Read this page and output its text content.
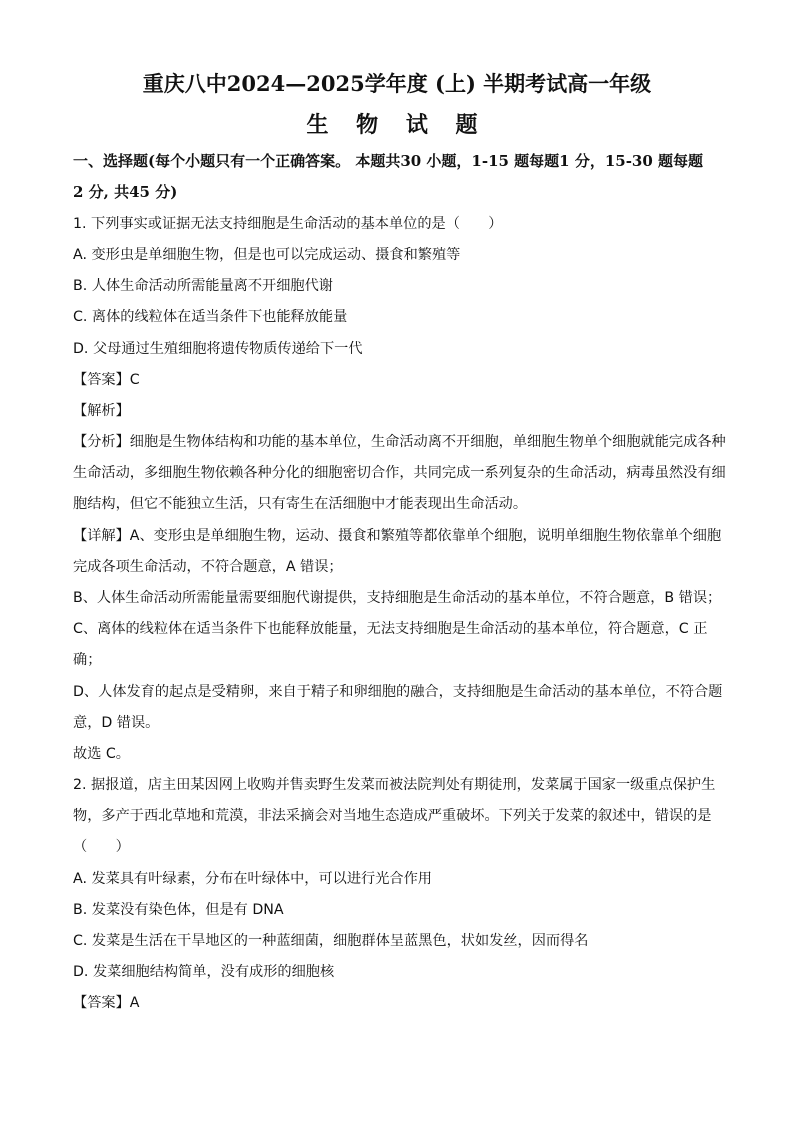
重庆八中2024—2025学年度 (上) 半期考试高一年级
生 物 试 题
一、选择题(每个小题只有一个正确答案。 本题共30 小题，1-15 题每题1 分，15-30 题每题
2 分, 共45 分)
1. 下列事实或证据无法支持细胞是生命活动的基本单位的是（　　）
A. 变形虫是单细胞生物，但是也可以完成运动、摄食和繁殖等
B. 人体生命活动所需能量离不开细胞代谢
C. 离体的线粒体在适当条件下也能释放能量
D. 父母通过生殖细胞将遗传物质传递给下一代
【答案】C
【解析】
【分析】细胞是生物体结构和功能的基本单位，生命活动离不开细胞，单细胞生物单个细胞就能完成各种
生命活动，多细胞生物依赖各种分化的细胞密切合作，共同完成一系列复杂的生命活动，病毒虽然没有细
胞结构，但它不能独立生活，只有寄生在活细胞中才能表现出生命活动。
【详解】A、变形虫是单细胞生物，运动、摄食和繁殖等都依靠单个细胞，说明单细胞生物依靠单个细胞
完成各项生命活动，不符合题意，A 错误；
B、人体生命活动所需能量需要细胞代谢提供，支持细胞是生命活动的基本单位，不符合题意，B 错误；
C、离体的线粒体在适当条件下也能释放能量，无法支持细胞是生命活动的基本单位，符合题意，C 正
确；
D、人体发育的起点是受精卵，来自于精子和卵细胞的融合，支持细胞是生命活动的基本单位，不符合题
意，D 错误。
故选 C。
2. 据报道，店主田某因网上收购并售卖野生发菜而被法院判处有期徒刑，发菜属于国家一级重点保护生
物，多产于西北草地和荒漠，非法采摘会对当地生态造成严重破坏。下列关于发菜的叙述中，错误的是
（　　）
A. 发菜具有叶绿素，分布在叶绿体中，可以进行光合作用
B. 发菜没有染色体，但是有 DNA
C. 发菜是生活在干旱地区的一种蓝细菌，细胞群体呈蓝黑色，状如发丝，因而得名
D. 发菜细胞结构简单，没有成形的细胞核
【答案】A
